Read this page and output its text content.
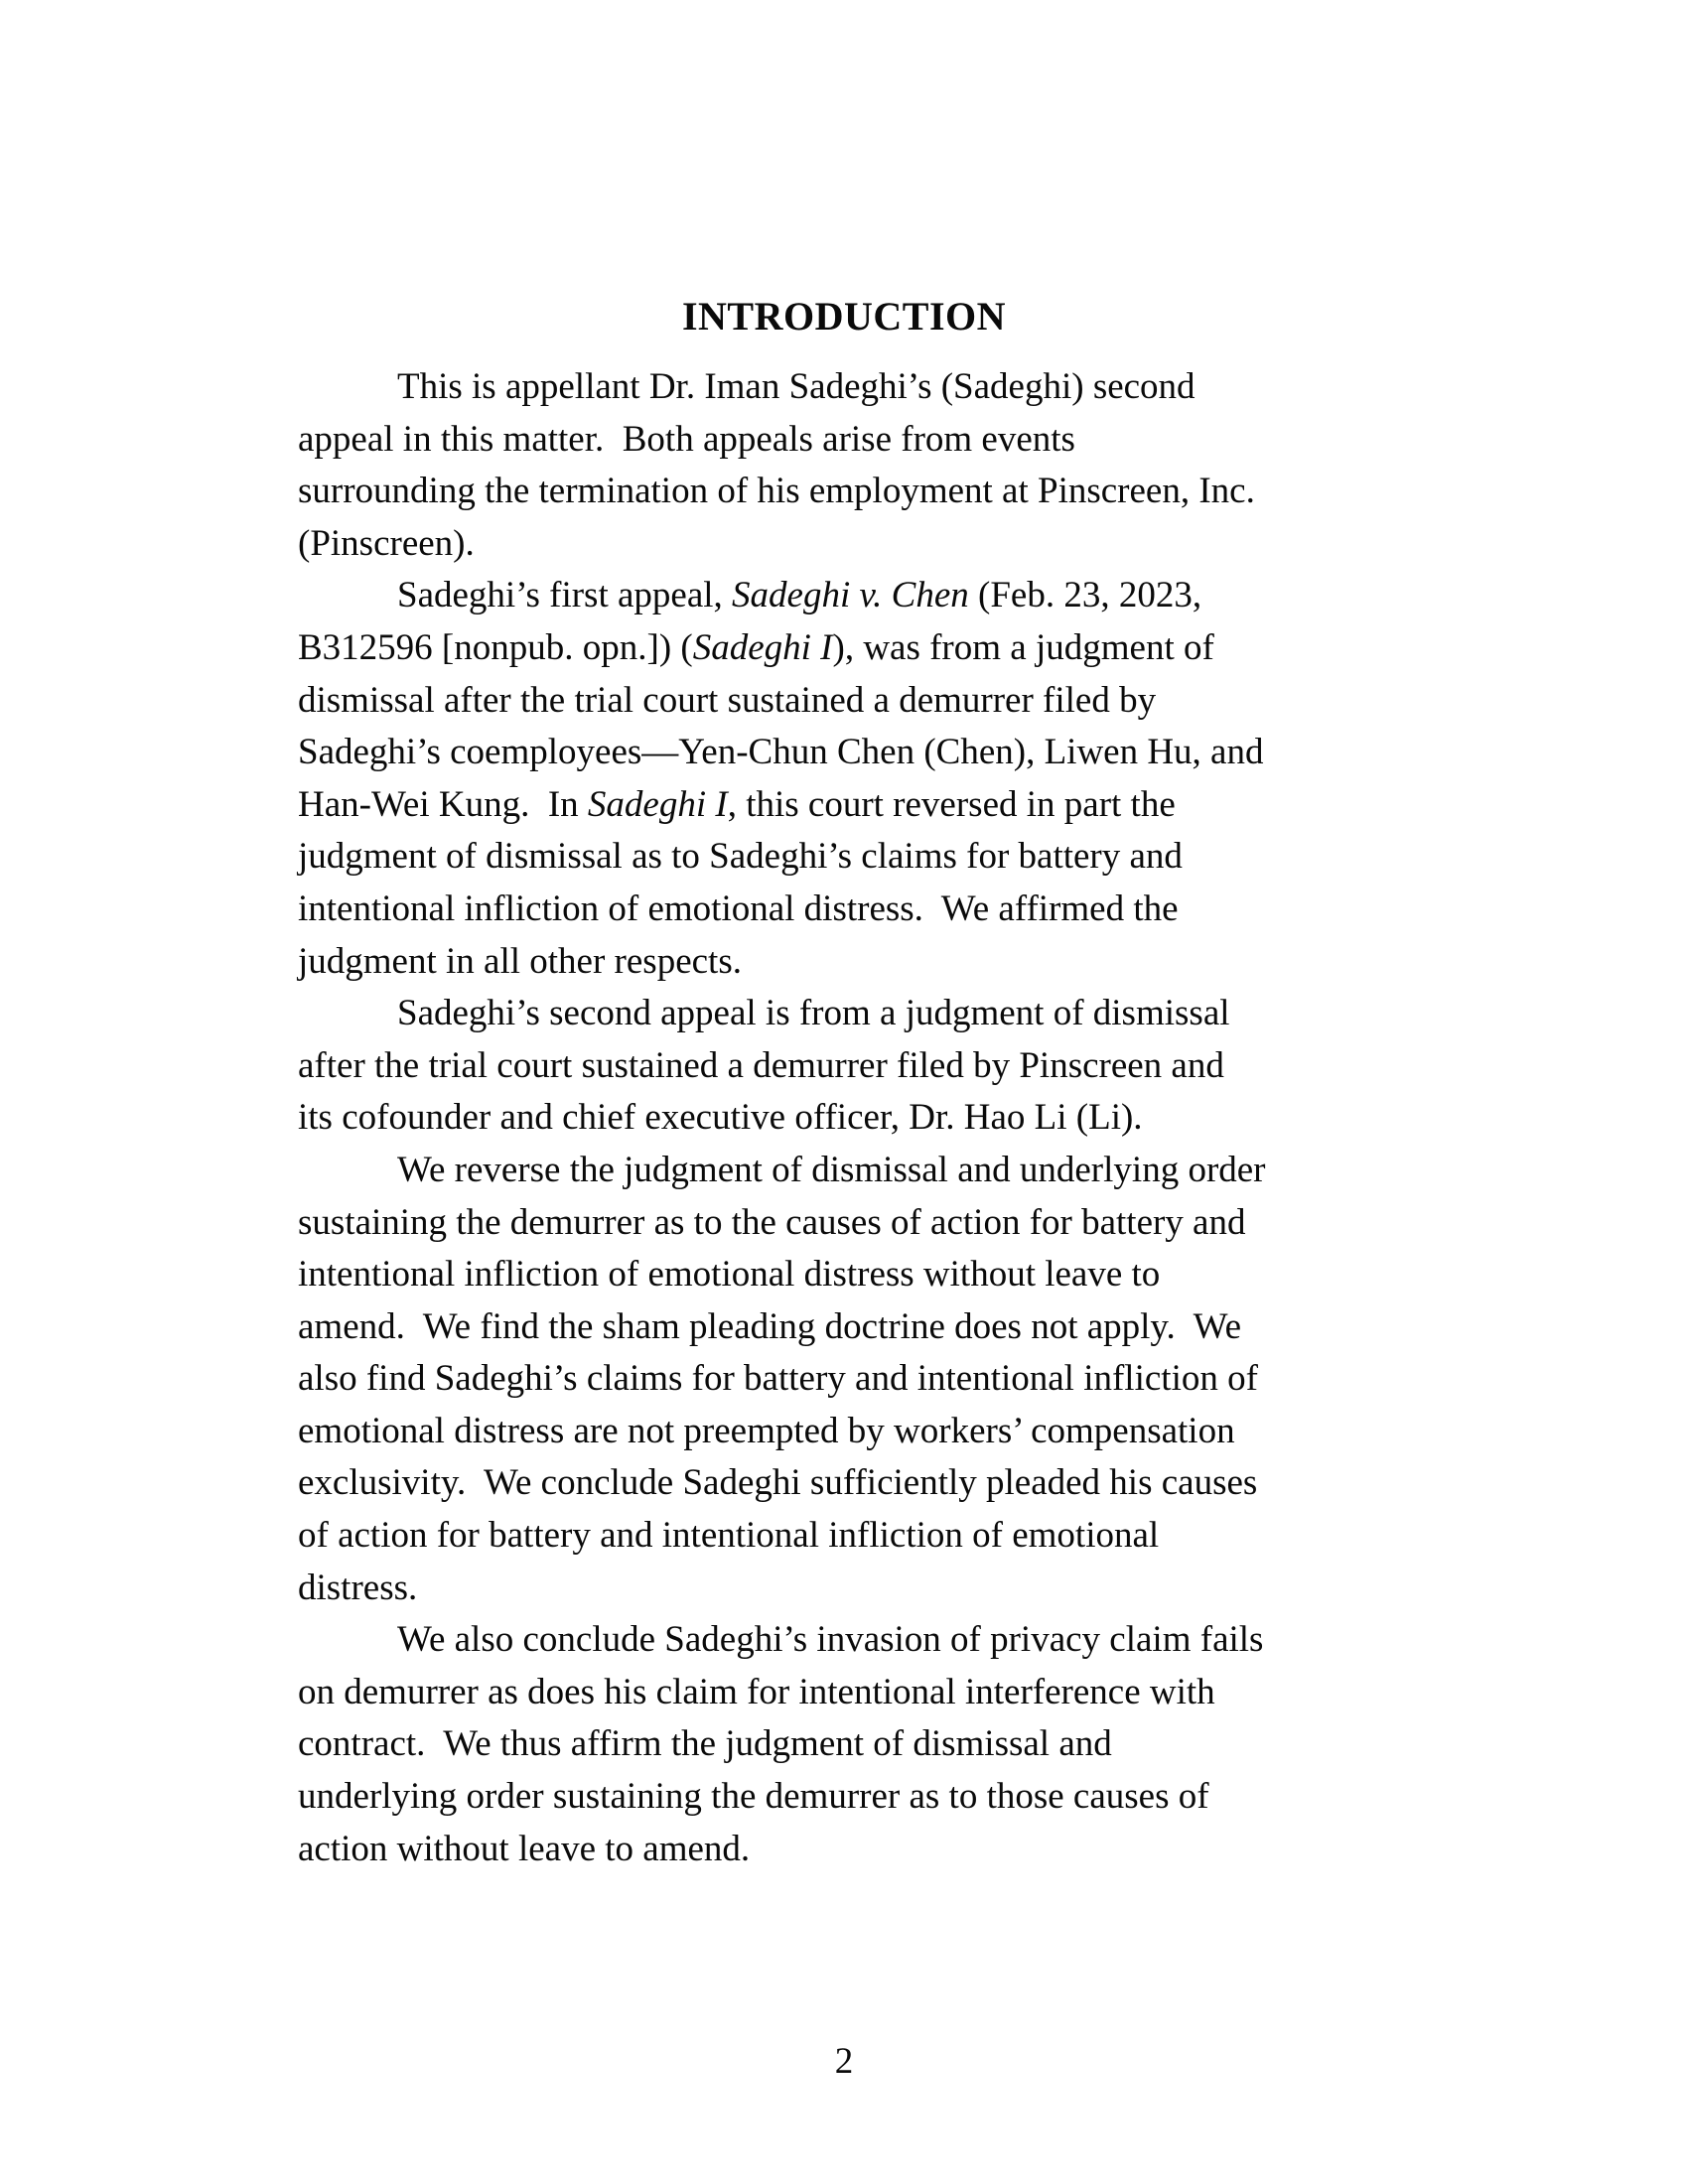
INTRODUCTION
This is appellant Dr. Iman Sadeghi’s (Sadeghi) second
appeal in this matter.  Both appeals arise from events
surrounding the termination of his employment at Pinscreen, Inc.
(Pinscreen).
Sadeghi’s first appeal, Sadeghi v. Chen (Feb. 23, 2023,
B312596 [nonpub. opn.]) (Sadeghi I), was from a judgment of
dismissal after the trial court sustained a demurrer filed by
Sadeghi’s coemployees—Yen-Chun Chen (Chen), Liwen Hu, and
Han-Wei Kung.  In Sadeghi I, this court reversed in part the
judgment of dismissal as to Sadeghi’s claims for battery and
intentional infliction of emotional distress.  We affirmed the
judgment in all other respects.
Sadeghi’s second appeal is from a judgment of dismissal
after the trial court sustained a demurrer filed by Pinscreen and
its cofounder and chief executive officer, Dr. Hao Li (Li).
We reverse the judgment of dismissal and underlying order
sustaining the demurrer as to the causes of action for battery and
intentional infliction of emotional distress without leave to
amend.  We find the sham pleading doctrine does not apply.  We
also find Sadeghi’s claims for battery and intentional infliction of
emotional distress are not preempted by workers’ compensation
exclusivity.  We conclude Sadeghi sufficiently pleaded his causes
of action for battery and intentional infliction of emotional
distress.
We also conclude Sadeghi’s invasion of privacy claim fails
on demurrer as does his claim for intentional interference with
contract.  We thus affirm the judgment of dismissal and
underlying order sustaining the demurrer as to those causes of
action without leave to amend.
2
